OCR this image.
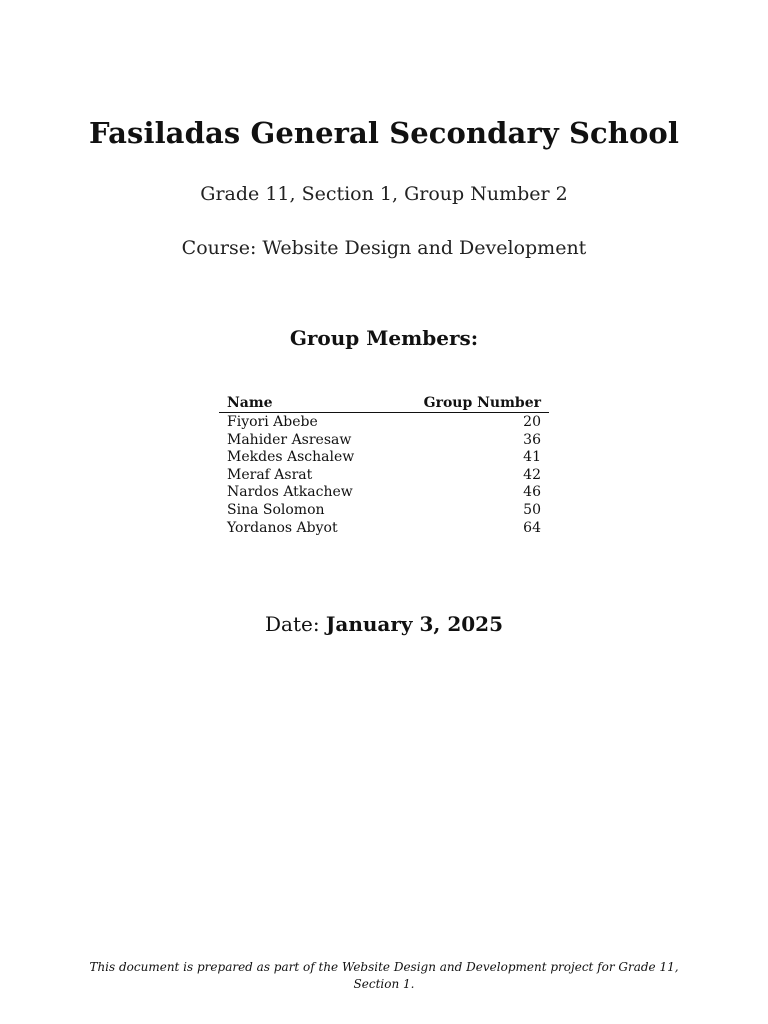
Fasiladas General Secondary School
Grade 11, Section 1, Group Number 2
Course: Website Design and Development
Group Members:
Name	Group Number
Fiyori Abebe	20
Mahider Asresaw	36
Mekdes Aschalew	41
Meraf Asrat	42
Nardos Atkachew	46
Sina Solomon	50
Yordanos Abyot	64
Date: January 3, 2025
This document is prepared as part of the Website Design and Development project for Grade 11, Section 1.
